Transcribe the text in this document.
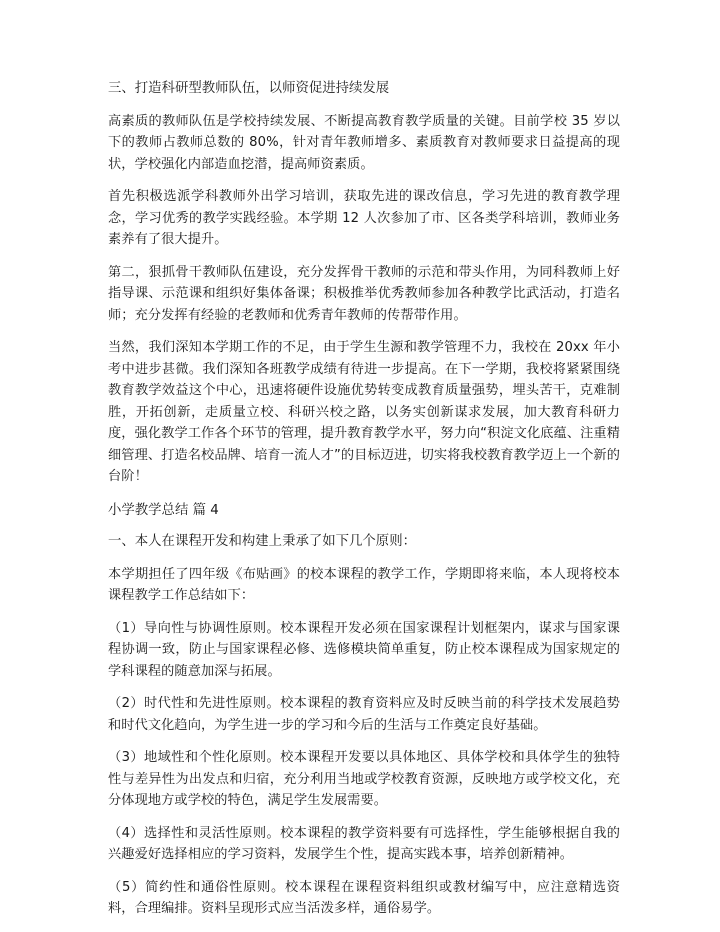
三、打造科研型教师队伍，以师资促进持续发展

高素质的教师队伍是学校持续发展、不断提高教育教学质量的关键。目前学校 35 岁以下的教师占教师总数的 80%，针对青年教师增多、素质教育对教师要求日益提高的现状，学校强化内部造血挖潜，提高师资素质。

首先积极选派学科教师外出学习培训，获取先进的课改信息，学习先进的教育教学理念，学习优秀的教学实践经验。本学期 12 人次参加了市、区各类学科培训，教师业务素养有了很大提升。

第二，狠抓骨干教师队伍建设，充分发挥骨干教师的示范和带头作用，为同科教师上好指导课、示范课和组织好集体备课；积极推举优秀教师参加各种教学比武活动，打造名师；充分发挥有经验的老教师和优秀青年教师的传帮带作用。

当然，我们深知本学期工作的不足，由于学生生源和教学管理不力，我校在 20xx 年小考中进步甚微。我们深知各班教学成绩有待进一步提高。在下一学期，我校将紧紧围绕教育教学效益这个中心，迅速将硬件设施优势转变成教育质量强势，埋头苦干，克难制胜，开拓创新，走质量立校、科研兴校之路，以务实创新谋求发展，加大教育科研力度，强化教学工作各个环节的管理，提升教育教学水平，努力向“积淀文化底蕴、注重精细管理、打造名校品牌、培育一流人才”的目标迈进，切实将我校教育教学迈上一个新的台阶！

小学教学总结 篇 4

一、本人在课程开发和构建上秉承了如下几个原则：

本学期担任了四年级《布贴画》的校本课程的教学工作，学期即将来临，本人现将校本课程教学工作总结如下：

（1）导向性与协调性原则。校本课程开发必须在国家课程计划框架内，谋求与国家课程协调一致，防止与国家课程必修、选修模块简单重复，防止校本课程成为国家规定的学科课程的随意加深与拓展。

（2）时代性和先进性原则。校本课程的教育资料应及时反映当前的科学技术发展趋势和时代文化趋向，为学生进一步的学习和今后的生活与工作奠定良好基础。

（3）地域性和个性化原则。校本课程开发要以具体地区、具体学校和具体学生的独特性与差异性为出发点和归宿，充分利用当地或学校教育资源，反映地方或学校文化，充分体现地方或学校的特色，满足学生发展需要。

（4）选择性和灵活性原则。校本课程的教学资料要有可选择性，学生能够根据自我的兴趣爱好选择相应的学习资料，发展学生个性，提高实践本事，培养创新精神。

（5）简约性和通俗性原则。校本课程在课程资料组织或教材编写中，应注意精选资料，合理编排。资料呈现形式应当活泼多样，通俗易学。
